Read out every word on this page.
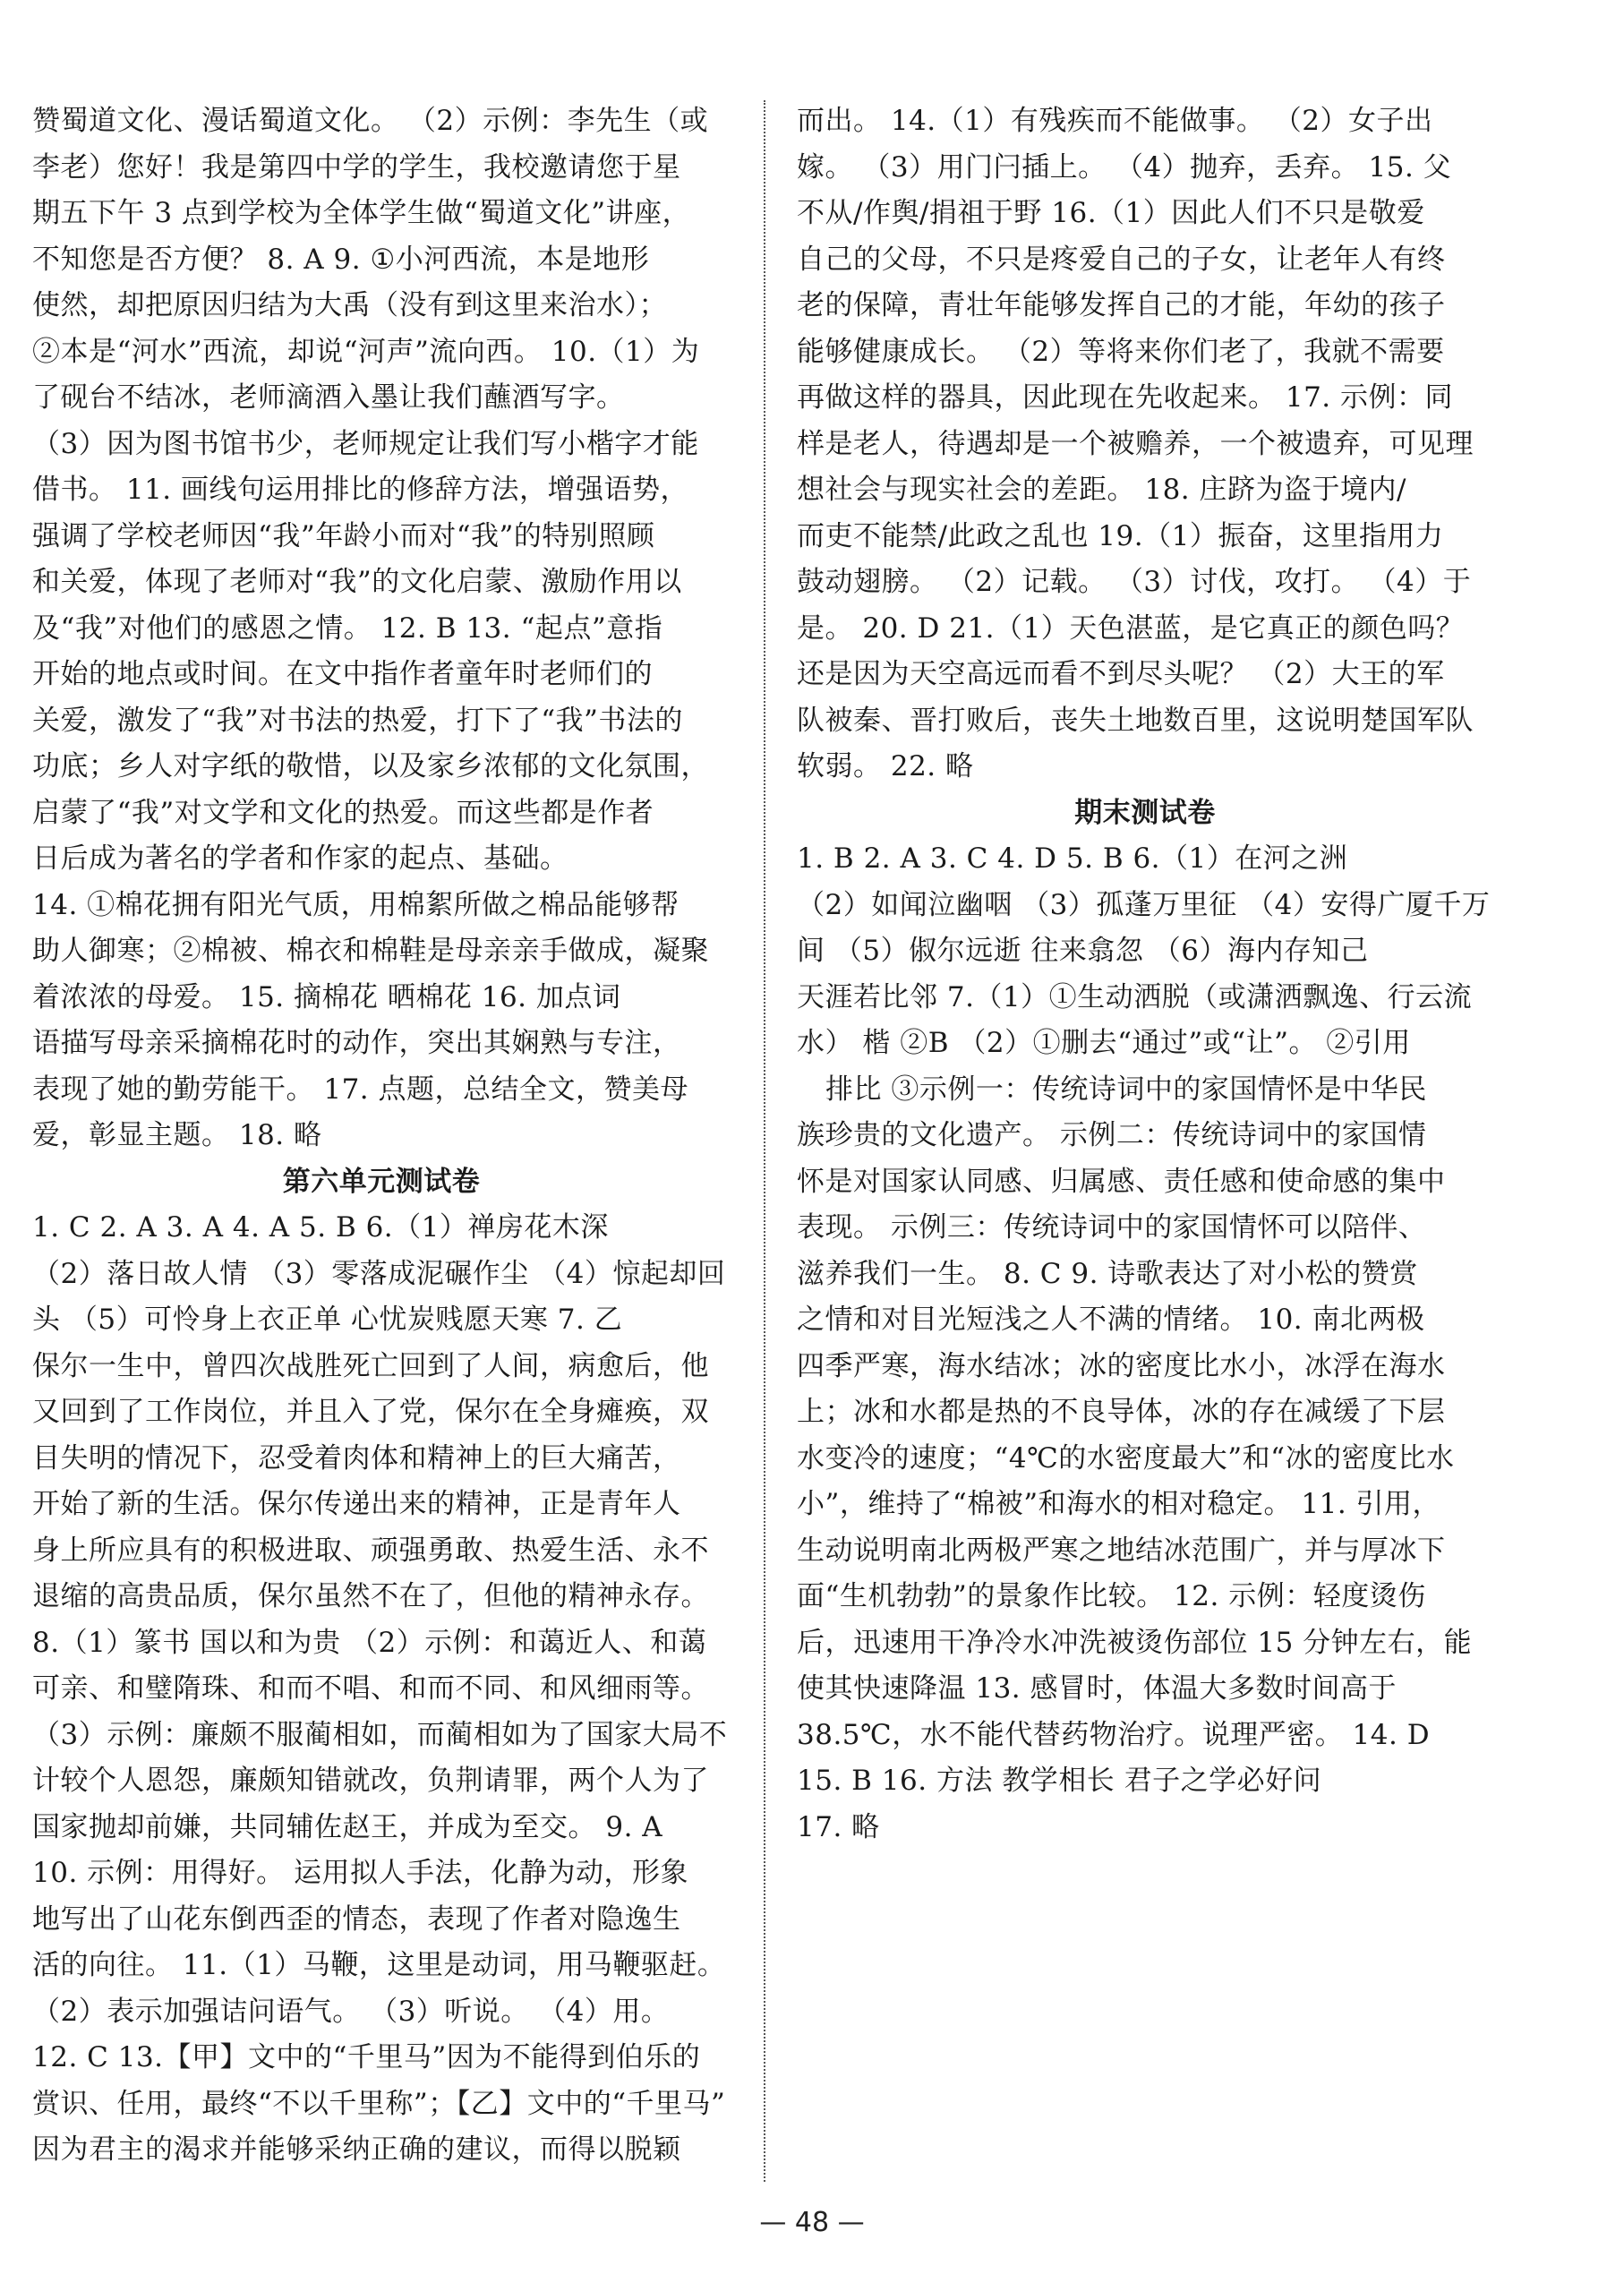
赞蜀道文化、漫话蜀道文化。 （2）示例：李先生（或
李老）您好！我是第四中学的学生，我校邀请您于星
期五下午 3 点到学校为全体学生做“蜀道文化”讲座，
不知您是否方便？ 8. A 9. ①小河西流，本是地形
使然，却把原因归结为大禹（没有到这里来治水）；
②本是“河水”西流，却说“河声”流向西。 10.（1）为
了砚台不结冰，老师滴酒入墨让我们蘸酒写字。
（3）因为图书馆书少，老师规定让我们写小楷字才能
借书。 11. 画线句运用排比的修辞方法，增强语势，
强调了学校老师因“我”年龄小而对“我”的特别照顾
和关爱，体现了老师对“我”的文化启蒙、激励作用以
及“我”对他们的感恩之情。 12. B 13. “起点”意指
开始的地点或时间。在文中指作者童年时老师们的
关爱，激发了“我”对书法的热爱，打下了“我”书法的
功底；乡人对字纸的敬惜，以及家乡浓郁的文化氛围，
启蒙了“我”对文学和文化的热爱。而这些都是作者
日后成为著名的学者和作家的起点、基础。
14. ①棉花拥有阳光气质，用棉絮所做之棉品能够帮
助人御寒；②棉被、棉衣和棉鞋是母亲亲手做成，凝聚
着浓浓的母爱。 15. 摘棉花 晒棉花 16. 加点词
语描写母亲采摘棉花时的动作，突出其娴熟与专注，
表现了她的勤劳能干。 17. 点题，总结全文，赞美母
爱，彰显主题。 18. 略
第六单元测试卷
1. C 2. A 3. A 4. A 5. B 6.（1）禅房花木深
（2）落日故人情 （3）零落成泥碾作尘 （4）惊起却回
头 （5）可怜身上衣正单 心忧炭贱愿天寒 7. 乙
保尔一生中，曾四次战胜死亡回到了人间，病愈后，他
又回到了工作岗位，并且入了党，保尔在全身瘫痪，双
目失明的情况下，忍受着肉体和精神上的巨大痛苦，
开始了新的生活。保尔传递出来的精神，正是青年人
身上所应具有的积极进取、顽强勇敢、热爱生活、永不
退缩的高贵品质，保尔虽然不在了，但他的精神永存。
8.（1）篆书 国以和为贵 （2）示例：和蔼近人、和蔼
可亲、和璧隋珠、和而不唱、和而不同、和风细雨等。
（3）示例：廉颇不服蔺相如，而蔺相如为了国家大局不
计较个人恩怨，廉颇知错就改，负荆请罪，两个人为了
国家抛却前嫌，共同辅佐赵王，并成为至交。 9. A
10. 示例：用得好。 运用拟人手法，化静为动，形象
地写出了山花东倒西歪的情态，表现了作者对隐逸生
活的向往。 11.（1）马鞭，这里是动词，用马鞭驱赶。
（2）表示加强诘问语气。 （3）听说。 （4）用。
12. C 13.【甲】文中的“千里马”因为不能得到伯乐的
赏识、任用，最终“不以千里称”；【乙】文中的“千里马”
因为君主的渴求并能够采纳正确的建议，而得以脱颖
而出。 14.（1）有残疾而不能做事。 （2）女子出
嫁。 （3）用门闩插上。 （4）抛弃，丢弃。 15. 父
不从/作舆/捐祖于野 16.（1）因此人们不只是敬爱
自己的父母，不只是疼爱自己的子女，让老年人有终
老的保障，青壮年能够发挥自己的才能，年幼的孩子
能够健康成长。 （2）等将来你们老了，我就不需要
再做这样的器具，因此现在先收起来。 17. 示例：同
样是老人，待遇却是一个被赡养，一个被遗弃，可见理
想社会与现实社会的差距。 18. 庄跻为盗于境内/
而吏不能禁/此政之乱也 19.（1）振奋，这里指用力
鼓动翅膀。 （2）记载。 （3）讨伐，攻打。 （4）于
是。 20. D 21.（1）天色湛蓝，是它真正的颜色吗？
还是因为天空高远而看不到尽头呢？ （2）大王的军
队被秦、晋打败后，丧失土地数百里，这说明楚国军队
软弱。 22. 略
期末测试卷
1. B 2. A 3. C 4. D 5. B 6.（1）在河之洲
（2）如闻泣幽咽 （3）孤蓬万里征 （4）安得广厦千万
间 （5）俶尔远逝 往来翕忽 （6）海内存知己
天涯若比邻 7.（1）①生动洒脱（或潇洒飘逸、行云流
水） 楷 ②B （2）①删去“通过”或“让”。 ②引用
排比 ③示例一：传统诗词中的家国情怀是中华民
族珍贵的文化遗产。 示例二：传统诗词中的家国情
怀是对国家认同感、归属感、责任感和使命感的集中
表现。 示例三：传统诗词中的家国情怀可以陪伴、
滋养我们一生。 8. C 9. 诗歌表达了对小松的赞赏
之情和对目光短浅之人不满的情绪。 10. 南北两极
四季严寒，海水结冰；冰的密度比水小，冰浮在海水
上；冰和水都是热的不良导体，冰的存在减缓了下层
水变冷的速度；“4℃的水密度最大”和“冰的密度比水
小”，维持了“棉被”和海水的相对稳定。 11. 引用，
生动说明南北两极严寒之地结冰范围广，并与厚冰下
面“生机勃勃”的景象作比较。 12. 示例：轻度烫伤
后，迅速用干净冷水冲洗被烫伤部位 15 分钟左右，能
使其快速降温 13. 感冒时，体温大多数时间高于
38.5℃，水不能代替药物治疗。说理严密。 14. D
15. B 16. 方法 教学相长 君子之学必好问
17. 略
— 48 —
